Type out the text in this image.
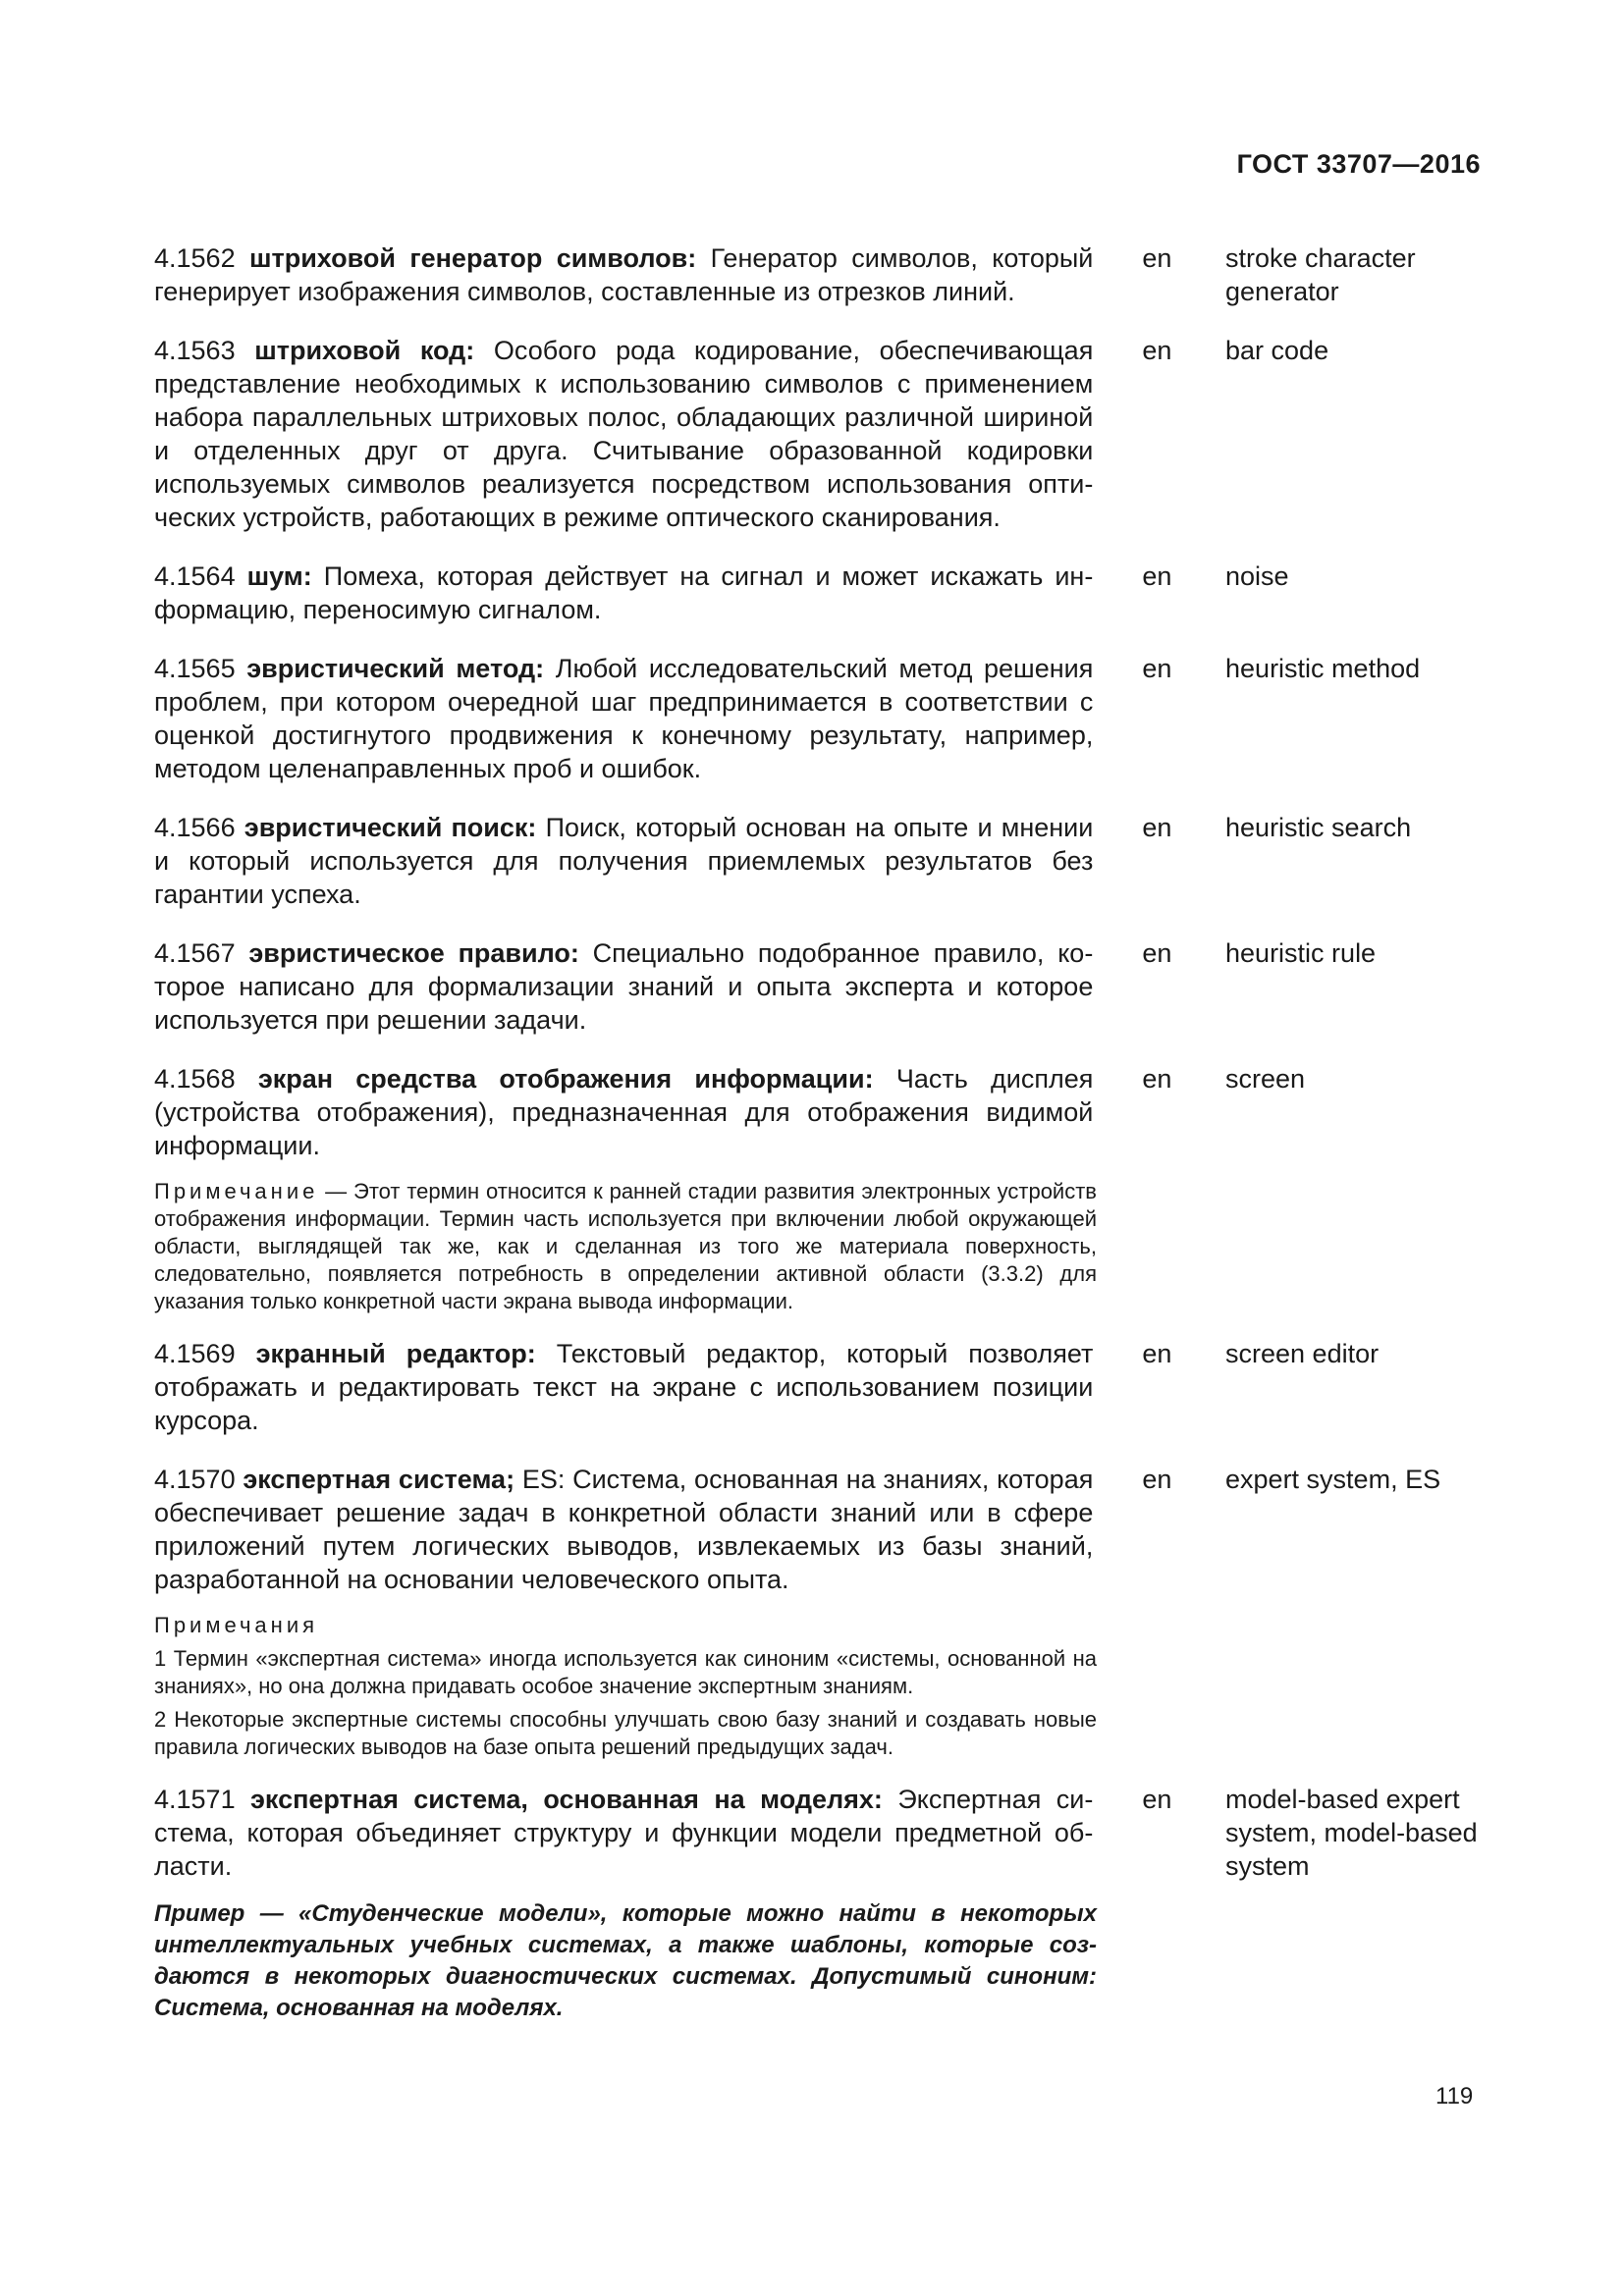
ГОСТ 33707—2016
4.1562 штриховой генератор символов: Генератор символов, который генерирует изображения символов, составленные из отрезков линий.
en	stroke character generator
4.1563 штриховой код: Особого рода кодирование, обеспечивающая представление необходимых к использованию символов с применением набора параллельных штриховых полос, обладающих различной шириной и отделенных друг от друга. Считывание образованной кодировки используемых символов реализуется посредством использования оптических устройств, работающих в режиме оптического сканирования.
en	bar code
4.1564 шум: Помеха, которая действует на сигнал и может искажать информацию, переносимую сигналом.
en	noise
4.1565 эвристический метод: Любой исследовательский метод решения проблем, при котором очередной шаг предпринимается в соответствии с оценкой достигнутого продвижения к конечному результату, например, методом целенаправленных проб и ошибок.
en	heuristic method
4.1566 эвристический поиск: Поиск, который основан на опыте и мнении и который используется для получения приемлемых результатов без гарантии успеха.
en	heuristic search
4.1567 эвристическое правило: Специально подобранное правило, которое написано для формализации знаний и опыта эксперта и которое используется при решении задачи.
en	heuristic rule
4.1568 экран средства отображения информации: Часть дисплея (устройства отображения), предназначенная для отображения видимой информации.
en	screen
Примечание — Этот термин относится к ранней стадии развития электронных устройств отображения информации. Термин часть используется при включении любой окружающей области, выглядящей так же, как и сделанная из того же материала поверхность, следовательно, появляется потребность в определении активной области (3.3.2) для указания только конкретной части экрана вывода информации.
4.1569 экранный редактор: Текстовый редактор, который позволяет отображать и редактировать текст на экране с использованием позиции курсора.
en	screen editor
4.1570 экспертная система; ES: Система, основанная на знаниях, которая обеспечивает решение задач в конкретной области знаний или в сфере приложений путем логических выводов, извлекаемых из базы знаний, разработанной на основании человеческого опыта.
en	expert system, ES

Примечания

1 Термин «экспертная система» иногда используется как синоним «системы, основанной на знаниях», но она должна придавать особое значение экспертным знаниям.

2 Некоторые экспертные системы способны улучшать свою базу знаний и создавать новые правила логических выводов на базе опыта решений предыдущих задач.

4.1571 экспертная система, основанная на моделях: Экспертная система, которая объединяет структуру и функции модели предметной области.
en	model-based expert system, model-based system
Пример — «Студенческие модели», которые можно найти в некоторых интеллектуальных учебных системах, а также шаблоны, которые создаются в некоторых диагностических системах. Допустимый синоним: Система, основанная на моделях.
119
